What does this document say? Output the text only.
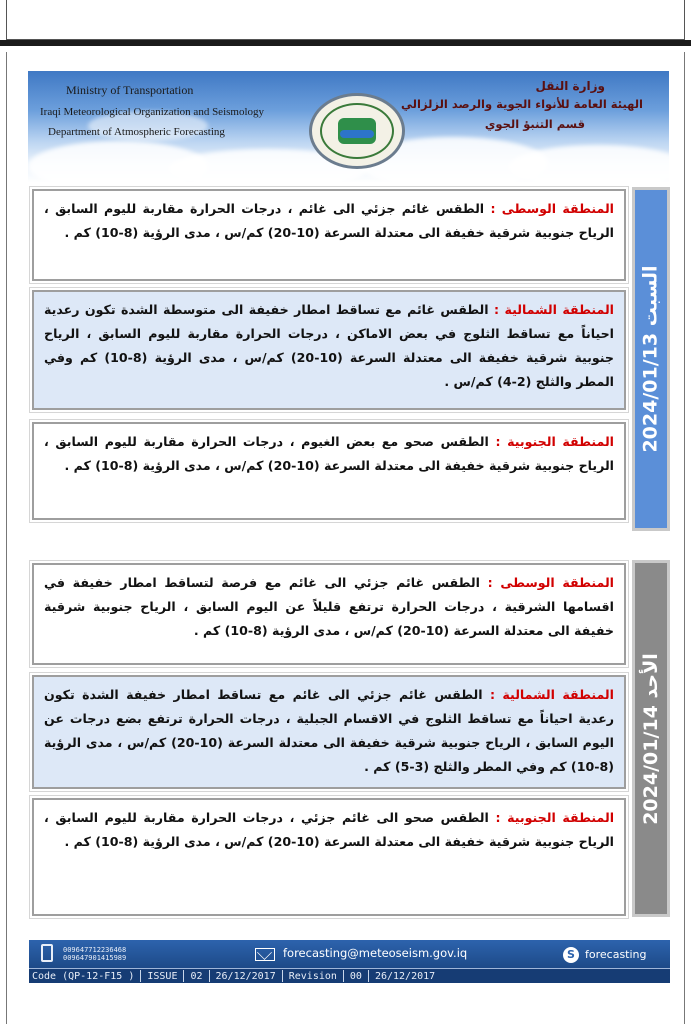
Ministry of Transportation
Iraqi Meteorological Organization and Seismology
Department of Atmospheric Forecasting
وزارة النقل
الهيئة العامة للأنواء الجوية والرصد الزلزالي
قسم التنبؤ الجوي
المنطقة الوسطى : الطقس غائم جزئي الى غائم ، درجات الحرارة مقاربة لليوم السابق ، الرياح جنوبية شرقية خفيفة الى معتدلة السرعة (10-20) كم/س ، مدى الرؤية (8-10) كم .
المنطقة الشمالية : الطقس غائم مع تساقط امطار خفيفة الى متوسطة الشدة تكون رعدية احياناً مع تساقط الثلوج في بعض الاماكن ، درجات الحرارة مقاربة لليوم السابق ، الرياح جنوبية شرقية خفيفة الى معتدلة السرعة (10-20) كم/س ، مدى الرؤية (8-10) كم وفي المطر والثلج (2-4) كم/س .
المنطقة الجنوبية : الطقس صحو مع بعض الغيوم ، درجات الحرارة مقاربة لليوم السابق ، الرياح جنوبية شرقية خفيفة الى معتدلة السرعة (10-20) كم/س ، مدى الرؤية (8-10) كم .
السبت 2024/01/13
المنطقة الوسطى : الطقس غائم جزئي الى غائم مع فرصة لتساقط امطار خفيفة في اقسامها الشرقية ، درجات الحرارة ترتفع قليلاً عن اليوم السابق ، الرياح جنوبية شرقية خفيفة الى معتدلة السرعة (10-20) كم/س ، مدى الرؤية (8-10) كم .
المنطقة الشمالية : الطقس غائم جزئي الى غائم مع تساقط امطار خفيفة الشدة تكون رعدية احياناً مع تساقط الثلوج في الاقسام الجبلية ، درجات الحرارة ترتفع بضع درجات عن اليوم السابق ، الرياح جنوبية شرقية خفيفة الى معتدلة السرعة (10-20) كم/س ، مدى الرؤية (8-10) كم وفي المطر والثلج (3-5) كم .
المنطقة الجنوبية : الطقس صحو الى غائم جزئي ، درجات الحرارة مقاربة لليوم السابق ، الرياح جنوبية شرقية خفيفة الى معتدلة السرعة (10-20) كم/س ، مدى الرؤية (8-10) كم .
الأحد 2024/01/14
009647712236468
009647901415989	forecasting@meteoseism.gov.iq	S forecasting
Code (QP-12-F15 )	ISSUE	02	26/12/2017	Revision	00	26/12/2017
